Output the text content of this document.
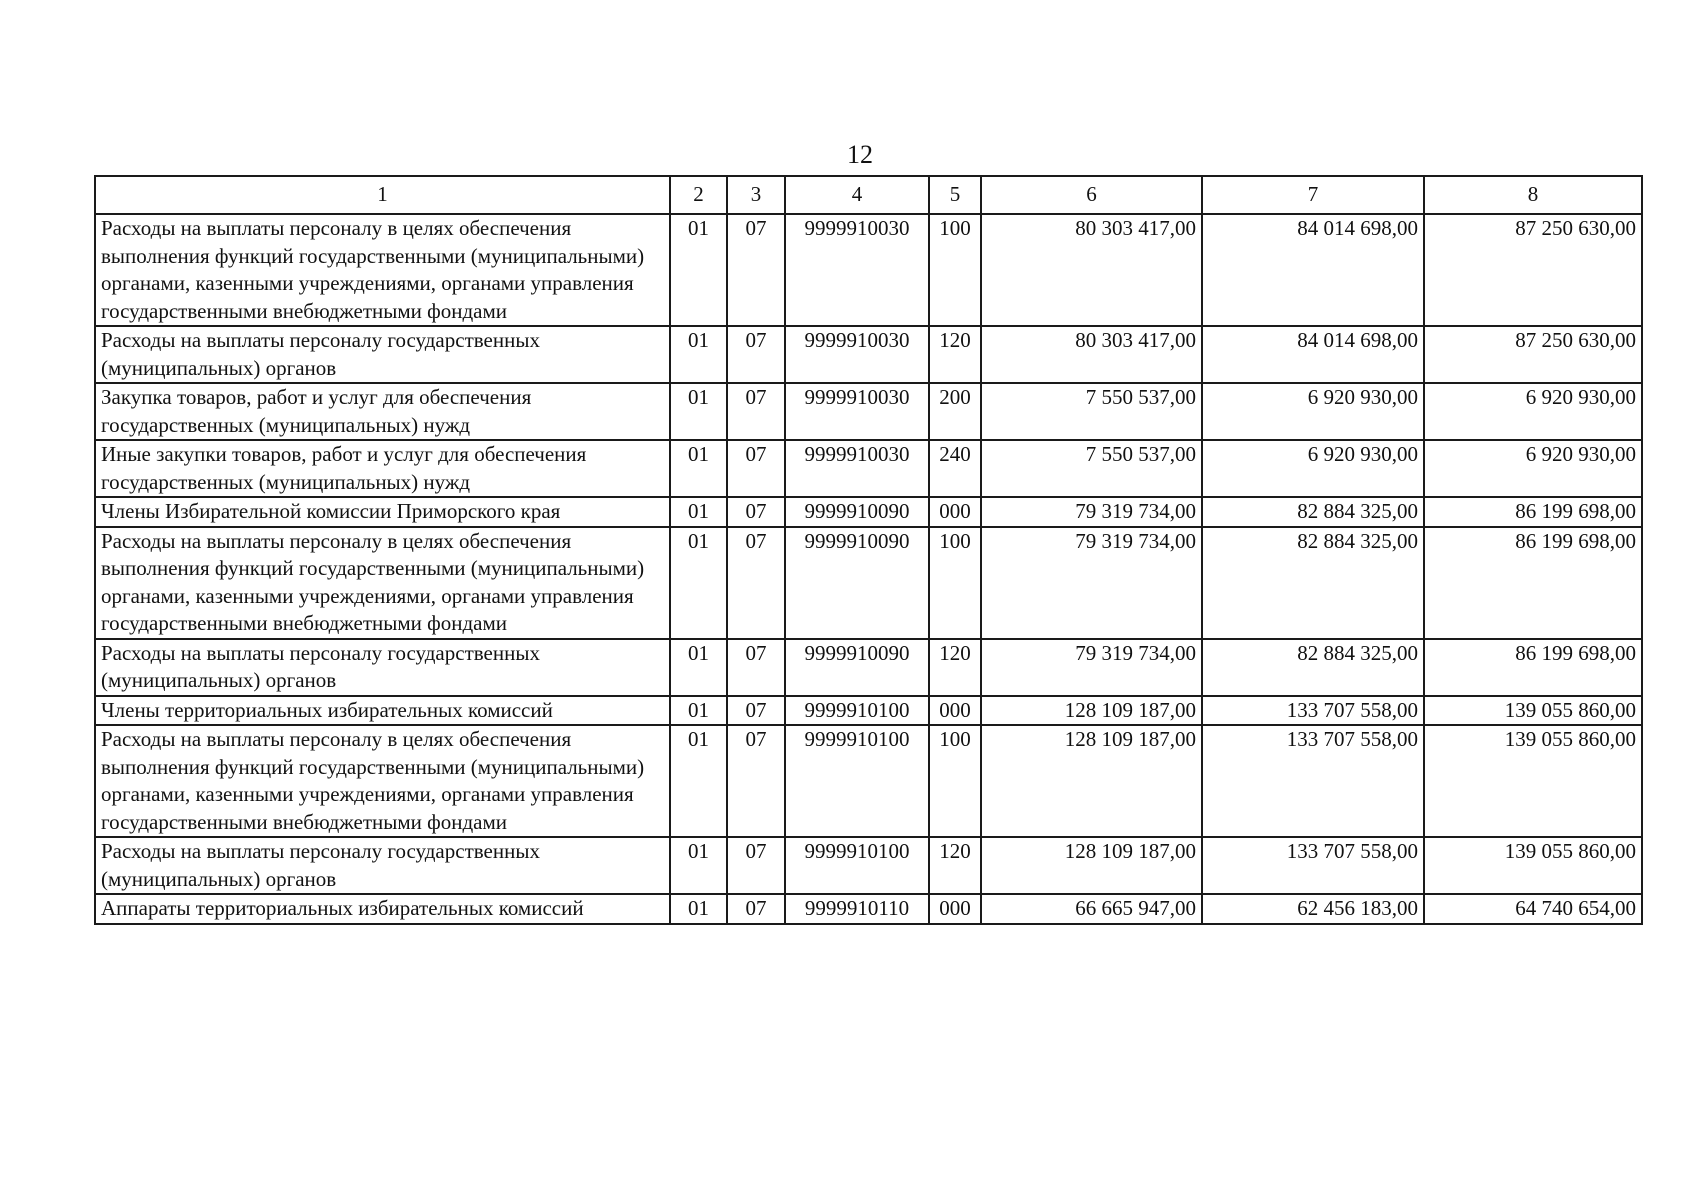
12
1	2	3	4	5	6	7	8
Расходы на выплаты персоналу в целях обеспечения выполнения функций государственными (муниципальными) органами, казенными учреждениями, органами управления государственными внебюджетными фондами	01	07	9999910030	100	80 303 417,00	84 014 698,00	87 250 630,00
Расходы на выплаты персоналу государственных (муниципальных) органов	01	07	9999910030	120	80 303 417,00	84 014 698,00	87 250 630,00
Закупка товаров, работ и услуг для обеспечения государственных (муниципальных) нужд	01	07	9999910030	200	7 550 537,00	6 920 930,00	6 920 930,00
Иные закупки товаров, работ и услуг для обеспечения государственных (муниципальных) нужд	01	07	9999910030	240	7 550 537,00	6 920 930,00	6 920 930,00
Члены Избирательной комиссии Приморского края	01	07	9999910090	000	79 319 734,00	82 884 325,00	86 199 698,00
Расходы на выплаты персоналу в целях обеспечения выполнения функций государственными (муниципальными) органами, казенными учреждениями, органами управления государственными внебюджетными фондами	01	07	9999910090	100	79 319 734,00	82 884 325,00	86 199 698,00
Расходы на выплаты персоналу государственных (муниципальных) органов	01	07	9999910090	120	79 319 734,00	82 884 325,00	86 199 698,00
Члены территориальных избирательных комиссий	01	07	9999910100	000	128 109 187,00	133 707 558,00	139 055 860,00
Расходы на выплаты персоналу в целях обеспечения выполнения функций государственными (муниципальными) органами, казенными учреждениями, органами управления государственными внебюджетными фондами	01	07	9999910100	100	128 109 187,00	133 707 558,00	139 055 860,00
Расходы на выплаты персоналу государственных (муниципальных) органов	01	07	9999910100	120	128 109 187,00	133 707 558,00	139 055 860,00
Аппараты территориальных избирательных комиссий	01	07	9999910110	000	66 665 947,00	62 456 183,00	64 740 654,00
